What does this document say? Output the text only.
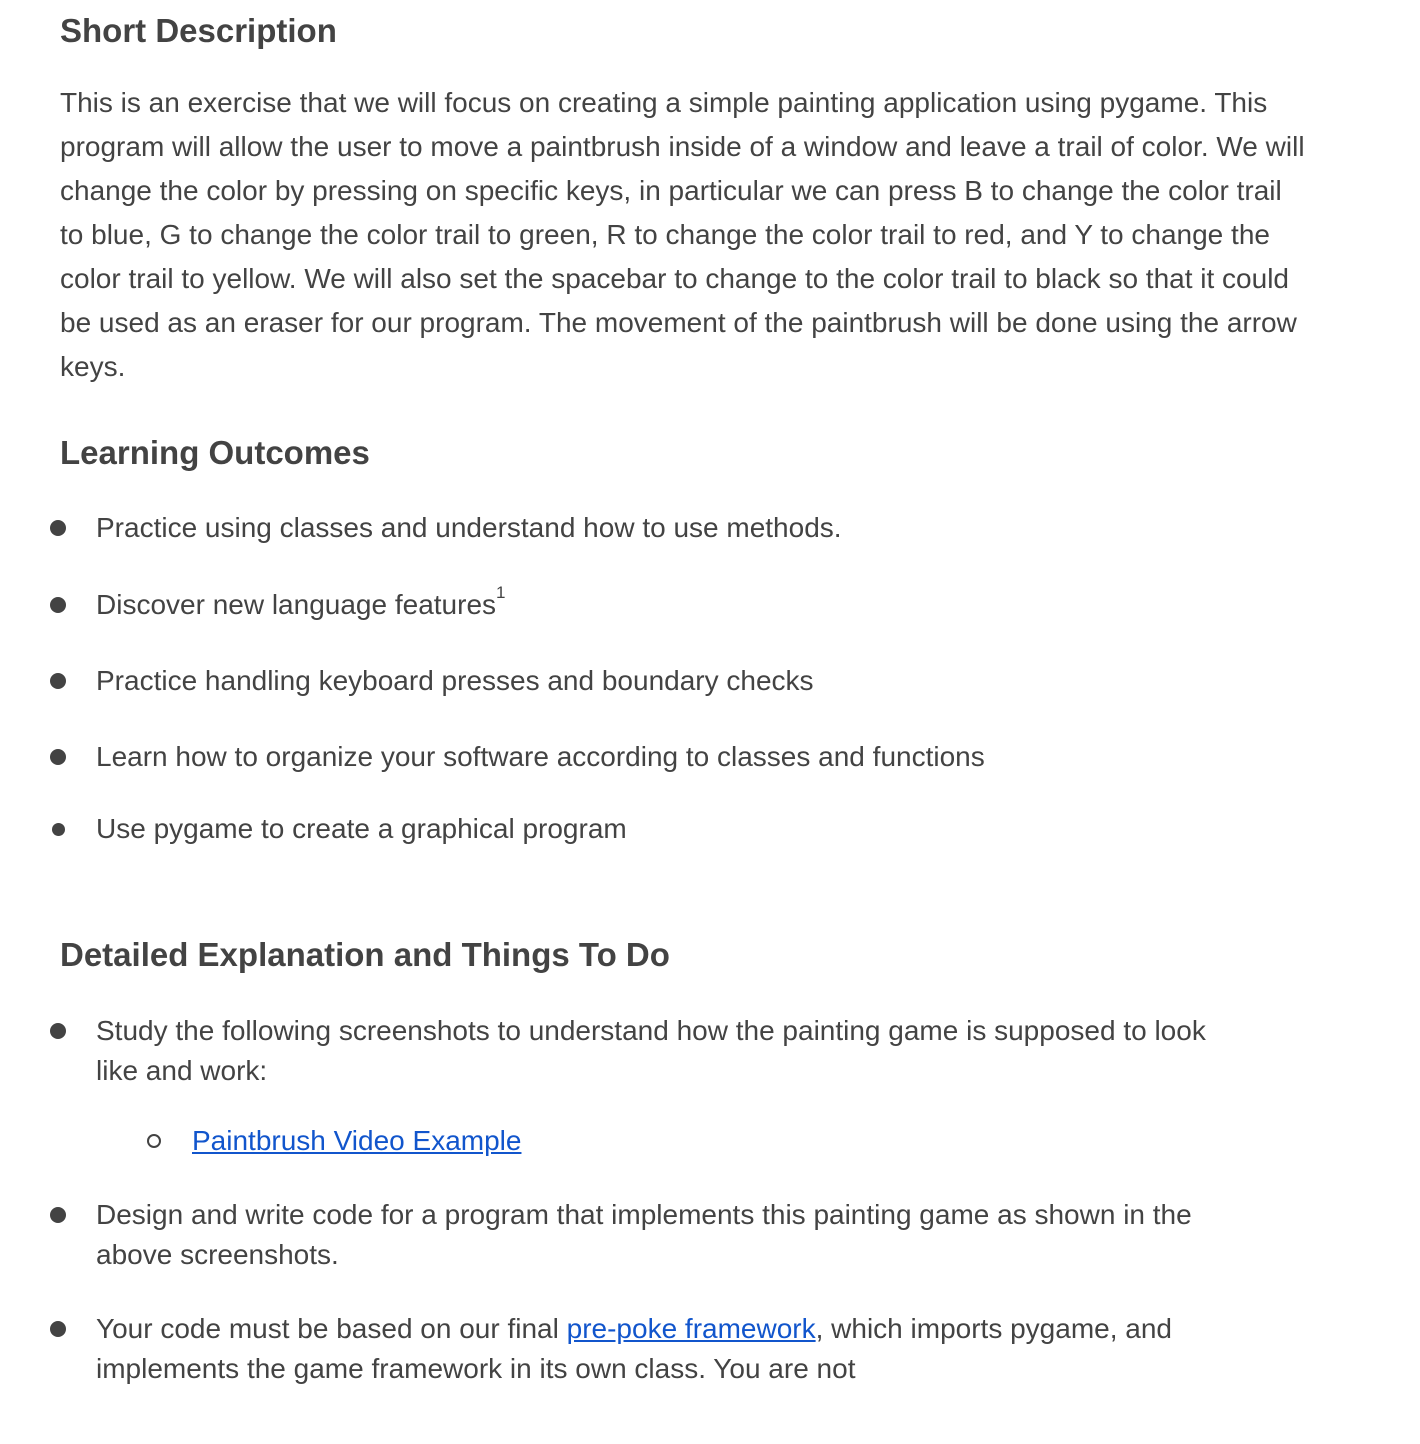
Short Description

This is an exercise that we will focus on creating a simple painting application using pygame. This program will allow the user to move a paintbrush inside of a window and leave a trail of color. We will change the color by pressing on specific keys, in particular we can press B to change the color trail to blue, G to change the color trail to green, R to change the color trail to red, and Y to change the color trail to yellow. We will also set the spacebar to change to the color trail to black so that it could be used as an eraser for our program. The movement of the paintbrush will be done using the arrow keys.

Learning Outcomes
Practice using classes and understand how to use methods.
Discover new language features$^1$
Practice handling keyboard presses and boundary checks
Learn how to organize your software according to classes and functions
Use pygame to create a graphical program
Detailed Explanation and Things To Do
Study the following screenshots to understand how the painting game is supposed to look like and work:
Paintbrush Video Example
Design and write code for a program that implements this painting game as shown in the above screenshots.
Your code must be based on our final pre-poke framework, which imports pygame, and implements the game framework in its own class. You are not
